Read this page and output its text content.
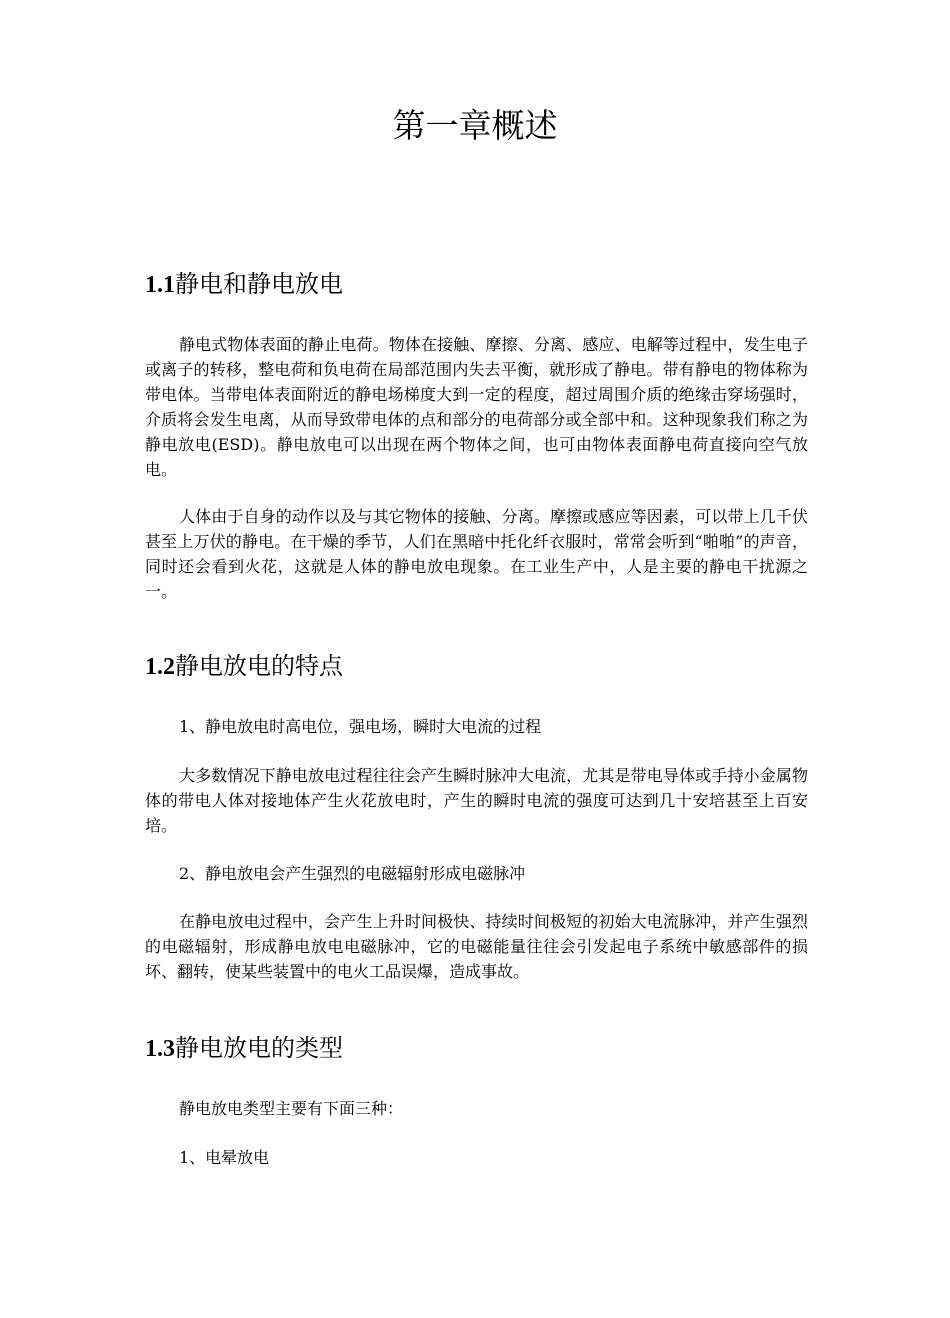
第一章概述
1.1静电和静电放电

静电式物体表面的静止电荷。物体在接触、摩擦、分离、感应、电解等过程中，发生电子或离子的转移，整电荷和负电荷在局部范围内失去平衡，就形成了静电。带有静电的物体称为带电体。当带电体表面附近的静电场梯度大到一定的程度，超过周围介质的绝缘击穿场强时，介质将会发生电离，从而导致带电体的点和部分的电荷部分或全部中和。这种现象我们称之为静电放电(ESD)。静电放电可以出现在两个物体之间，也可由物体表面静电荷直接向空气放电。

人体由于自身的动作以及与其它物体的接触、分离。摩擦或感应等因素，可以带上几千伏甚至上万伏的静电。在干燥的季节，人们在黑暗中托化纤衣服时，常常会听到“啪啪”的声音，同时还会看到火花，这就是人体的静电放电现象。在工业生产中，人是主要的静电干扰源之一。

1.2静电放电的特点

1、静电放电时高电位，强电场，瞬时大电流的过程

大多数情况下静电放电过程往往会产生瞬时脉冲大电流，尤其是带电导体或手持小金属物体的带电人体对接地体产生火花放电时，产生的瞬时电流的强度可达到几十安培甚至上百安培。

2、静电放电会产生强烈的电磁辐射形成电磁脉冲

在静电放电过程中，会产生上升时间极快、持续时间极短的初始大电流脉冲，并产生强烈的电磁辐射，形成静电放电电磁脉冲，它的电磁能量往往会引发起电子系统中敏感部件的损坏、翻转，使某些装置中的电火工品误爆，造成事故。

1.3静电放电的类型

静电放电类型主要有下面三种：

1、电晕放电
